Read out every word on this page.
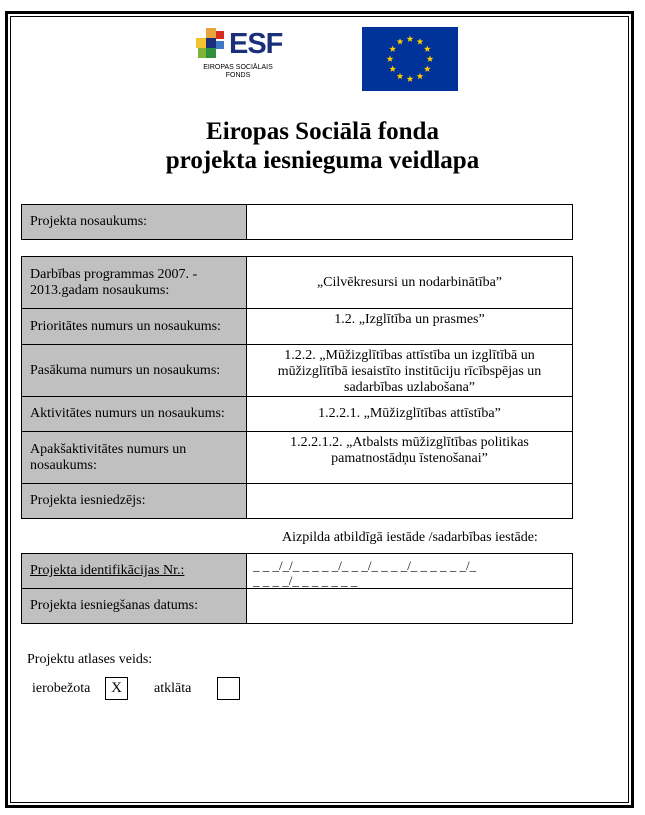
ESF
EIROPAS SOCIĀLAIS
FONDS
Eiropas Sociālā fonda
projekta iesnieguma veidlapa
Projekta nosaukums:	
Darbības programmas 2007. - 2013.gadam nosaukums:	„Cilvēkresursi un nodarbinātība”
Prioritātes numurs un nosaukums:	1.2. „Izglītība un prasmes”
Pasākuma numurs un nosaukums:	1.2.2. „Mūžizglītības attīstība un izglītībā un mūžizglītībā iesaistīto institūciju rīcībspējas un sadarbības uzlabošana”
Aktivitātes numurs un nosaukums:	1.2.2.1. „Mūžizglītības attīstība”
Apakšaktivitātes numurs un nosaukums:	1.2.2.1.2. „Atbalsts mūžizglītības politikas pamatnostādņu īstenošanai”
Projekta iesniedzējs:	
Aizpilda atbildīgā iestāde /sadarbības iestāde:
Projekta identifikācijas Nr.:	_ _ _/_/_ _ _ _ _/_ _ _/_ _ _ _/_ _ _ _ _ _/_
_ _ _ _/_ _ _ _ _ _ _

Projekta iesniegšanas datums:	
Projektu atlases veids:
ierobežota	X	atklāta
